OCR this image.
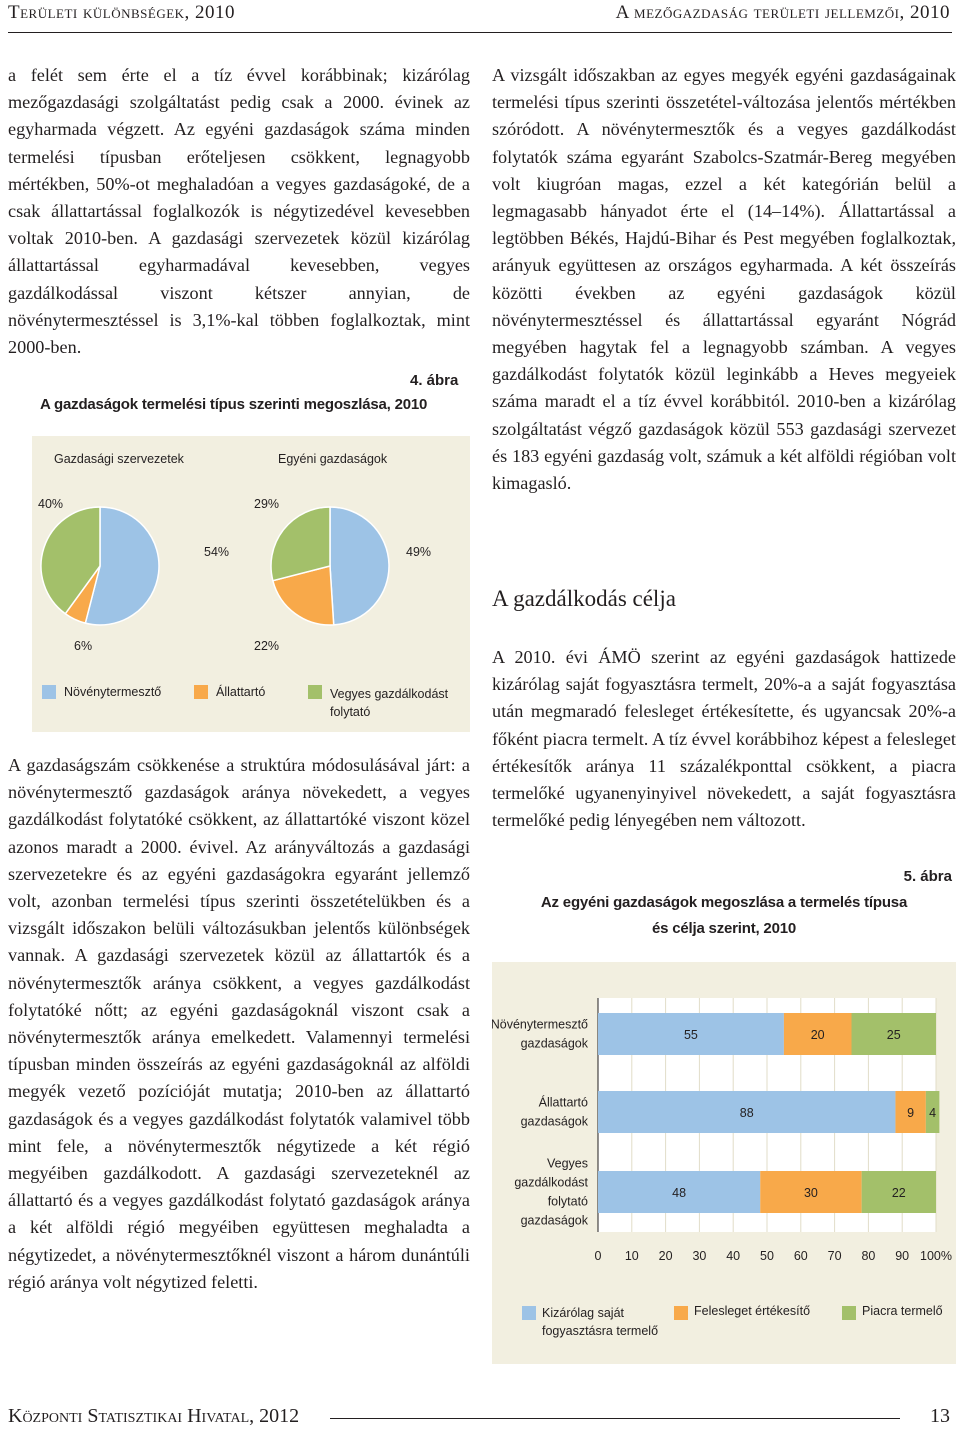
Területi különbségek, 2010	A mezőgazdaság területi jellemzői, 2010

a felét sem érte el a tíz évvel korábbinak; kizárólag mezőgazdasági szolgáltatást pedig csak a 2000. évinek az egyharmada végzett. Az egyéni gazdaságok száma minden termelési típusban erőteljesen csökkent, legnagyobb mértékben, 50%-ot meghaladóan a vegyes gazdaságoké, de a csak állattartással foglalkozók is négytizedével kevesebben voltak 2010-ben. A gazdasági szervezetek közül kizárólag állattartással egyharmadával kevesebben, vegyes gazdálkodással viszont kétszer annyian, de növénytermesztéssel is 3,1%-kal többen foglalkoztak, mint 2000-ben.

4. ábra
A gazdaságok termelési típus szerinti megoszlása, 2010
54%
6%
40%
49%
22%
29%
Gazdasági szervezetek	Egyéni gazdaságok
Növénytermesztő	Állattartó	Vegyes gazdálkodást folytató

A gazdaságszám csökkenése a struktúra módosulásával járt: a növénytermesztő gazdaságok aránya növekedett, a vegyes gazdálkodást folytatóké csökkent, az állattartóké viszont közel azonos maradt a 2000. évivel. Az arányváltozás a gazdasági szervezetekre és az egyéni gazdaságokra egyaránt jellemző volt, azonban termelési típus szerinti összetételükben és a vizsgált időszakon belüli változásukban jelentős különbségek vannak. A gazdasági szervezetek közül az állattartók és a növénytermesztők aránya csökkent, a vegyes gazdálkodást folytatóké nőtt; az egyéni gazdaságoknál viszont csak a növénytermesztők aránya emelkedett. Valamennyi termelési típusban minden összeírás az egyéni gazdaságoknál az alföldi megyék vezető pozícióját mutatja; 2010-ben az állattartó gazdaságok és a vegyes gazdálkodást folytatók valamivel több mint fele, a növénytermesztők négytizede a két régió megyéiben gazdálkodott. A gazdasági szervezeteknél az állattartó és a vegyes gazdálkodást folytató gazdaságok aránya a két alföldi régió megyéiben együttesen meghaladta a négytizedet, a növénytermesztőknél viszont a három dunántúli régió aránya volt négytized feletti.

A vizsgált időszakban az egyes megyék egyéni gazdaságainak termelési típus szerinti összetétel-változása jelentős mértékben szóródott. A növénytermesztők és a vegyes gazdálkodást folytatók száma egyaránt Szabolcs-Szatmár-Bereg megyében volt kiugróan magas, ezzel a két kategórián belül a legmagasabb hányadot érte el (14–14%). Állattartással a legtöbben Békés, Hajdú-Bihar és Pest megyében foglalkoztak, arányuk együttesen az országos egyharmada. A két összeírás közötti években az egyéni gazdaságok közül növénytermesztéssel és állattartással egyaránt Nógrád megyében hagytak fel a legnagyobb számban. A vegyes gazdálkodást folytatók közül leginkább a Heves megyeiek száma maradt el a tíz évvel korábbitól. 2010-ben a kizárólag szolgáltatást végző gazdaságok közül 553 gazdasági szervezet és 183 egyéni gazdaság volt, számuk a két alföldi régióban volt kimagasló.

A gazdálkodás célja

A 2010. évi ÁMÖ szerint az egyéni gazdaságok hattizede kizárólag saját fogyasztásra termelt, 20%-a a saját fogyasztása után megmaradó felesleget értékesítette, és ugyancsak 20%-a főként piacra termelt. A tíz évvel korábbihoz képest a felesleget értékesítők aránya 11 százalékponttal csökkent, a piacra termelőké ugyanenyinyivel növekedett, a saját fogyasztásra termelőké pedig lényegében nem változott.

5. ábra
Az egyéni gazdaságok megoszlása a termelés típusa
és célja szerint, 2010
0 10 20 30 40 50 60 70 80 90 100%
55	20	25
Növénytermesztő gazdaságok
88	9 4
Állattartó gazdaságok
48	30	22
Vegyes gazdálkodást folytató gazdaságok
Kizárólag saját fogyasztásra termelő
Felesleget értékesítő	Piacra termelő
Központi Statisztikai Hivatal, 2012	13
